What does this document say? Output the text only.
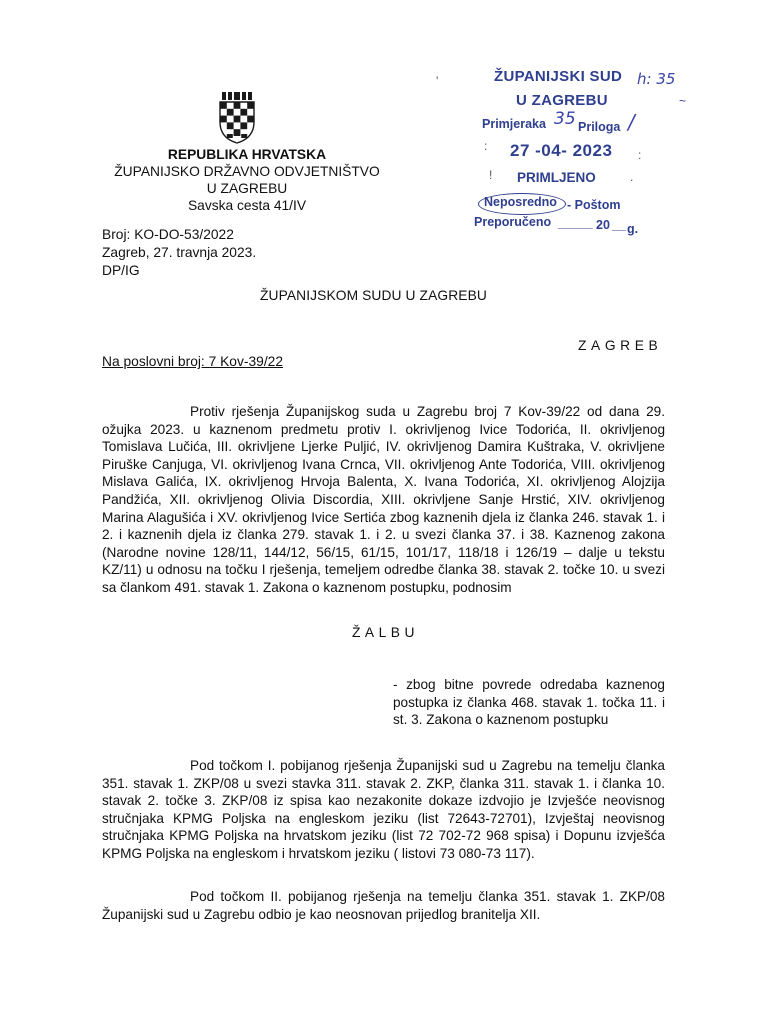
REPUBLIKA HRVATSKA
ŽUPANIJSKO DRŽAVNO ODVJETNIŠTVO
U ZAGREBU
Savska cesta 41/IV
Broj: KO-DO-53/2022
Zagreb, 27. travnja 2023.
DP/IG
ŽUPANIJSKOM SUDU U ZAGREBU
ZAGREB
Na poslovni broj: 7 Kov-39/22
Protiv rješenja Županijskog suda u Zagrebu broj 7 Kov-39/22 od dana 29. ožujka 2023. u kaznenom predmetu protiv I. okrivljenog Ivice Todorića, II. okrivljenog Tomislava Lučića, III. okrivljene Ljerke Puljić, IV. okrivljenog Damira Kuštraka, V. okrivljene Piruške Canjuga, VI. okrivljenog Ivana Crnca, VII. okrivljenog Ante Todorića, VIII. okrivljenog Mislava Galića, IX. okrivljenog Hrvoja Balenta, X. Ivana Todorića, XI. okrivljenog Alojzija Pandžića, XII. okrivljenog Olivia Discordia, XIII. okrivljene Sanje Hrstić, XIV. okrivljenog Marina Alagušića i XV. okrivljenog Ivice Sertića zbog kaznenih djela iz članka 246. stavak 1. i 2. i kaznenih djela iz članka 279. stavak 1. i 2. u svezi članka 37. i 38. Kaznenog zakona (Narodne novine 128/11, 144/12, 56/15, 61/15, 101/17, 118/18 i 126/19 – dalje u tekstu KZ/11) u odnosu na točku I rješenja, temeljem odredbe članka 38. stavak 2. točke 10. u svezi sa člankom 491. stavak 1. Zakona o kaznenom postupku, podnosim
ŽALBU
- zbog bitne povrede odredaba kaznenog postupka iz članka 468. stavak 1. točka 11. i st. 3. Zakona o kaznenom postupku
Pod točkom I. pobijanog rješenja Županijski sud u Zagrebu na temelju članka 351. stavak 1. ZKP/08 u svezi stavka 311. stavak 2. ZKP, članka 311. stavak 1. i članka 10. stavak 2. točke 3. ZKP/08 iz spisa kao nezakonite dokaze izdvojio je Izvješće neovisnog stručnjaka KPMG Poljska na engleskom jeziku (list 72643-72701), Izvještaj neovisnog stručnjaka KPMG Poljska na hrvatskom jeziku (list 72 702-72 968 spisa) i Dopunu izvješća KPMG Poljska na engleskom i hrvatskom jeziku ( listovi 73 080-73 117).
Pod točkom II. pobijanog rješenja na temelju članka 351. stavak 1. ZKP/08 Županijski sud u Zagrebu odbio je kao neosnovan prijedlog branitelja XII.
ŽUPANIJSKI SUD h: 35
U ZAGREBU
Primjeraka 35 Priloga /
27 -04- 2023
PRIMLJENO
Neposredno - Poštom
Preporučeno _____ 20 __ g.
'
~
:
!
:
.
